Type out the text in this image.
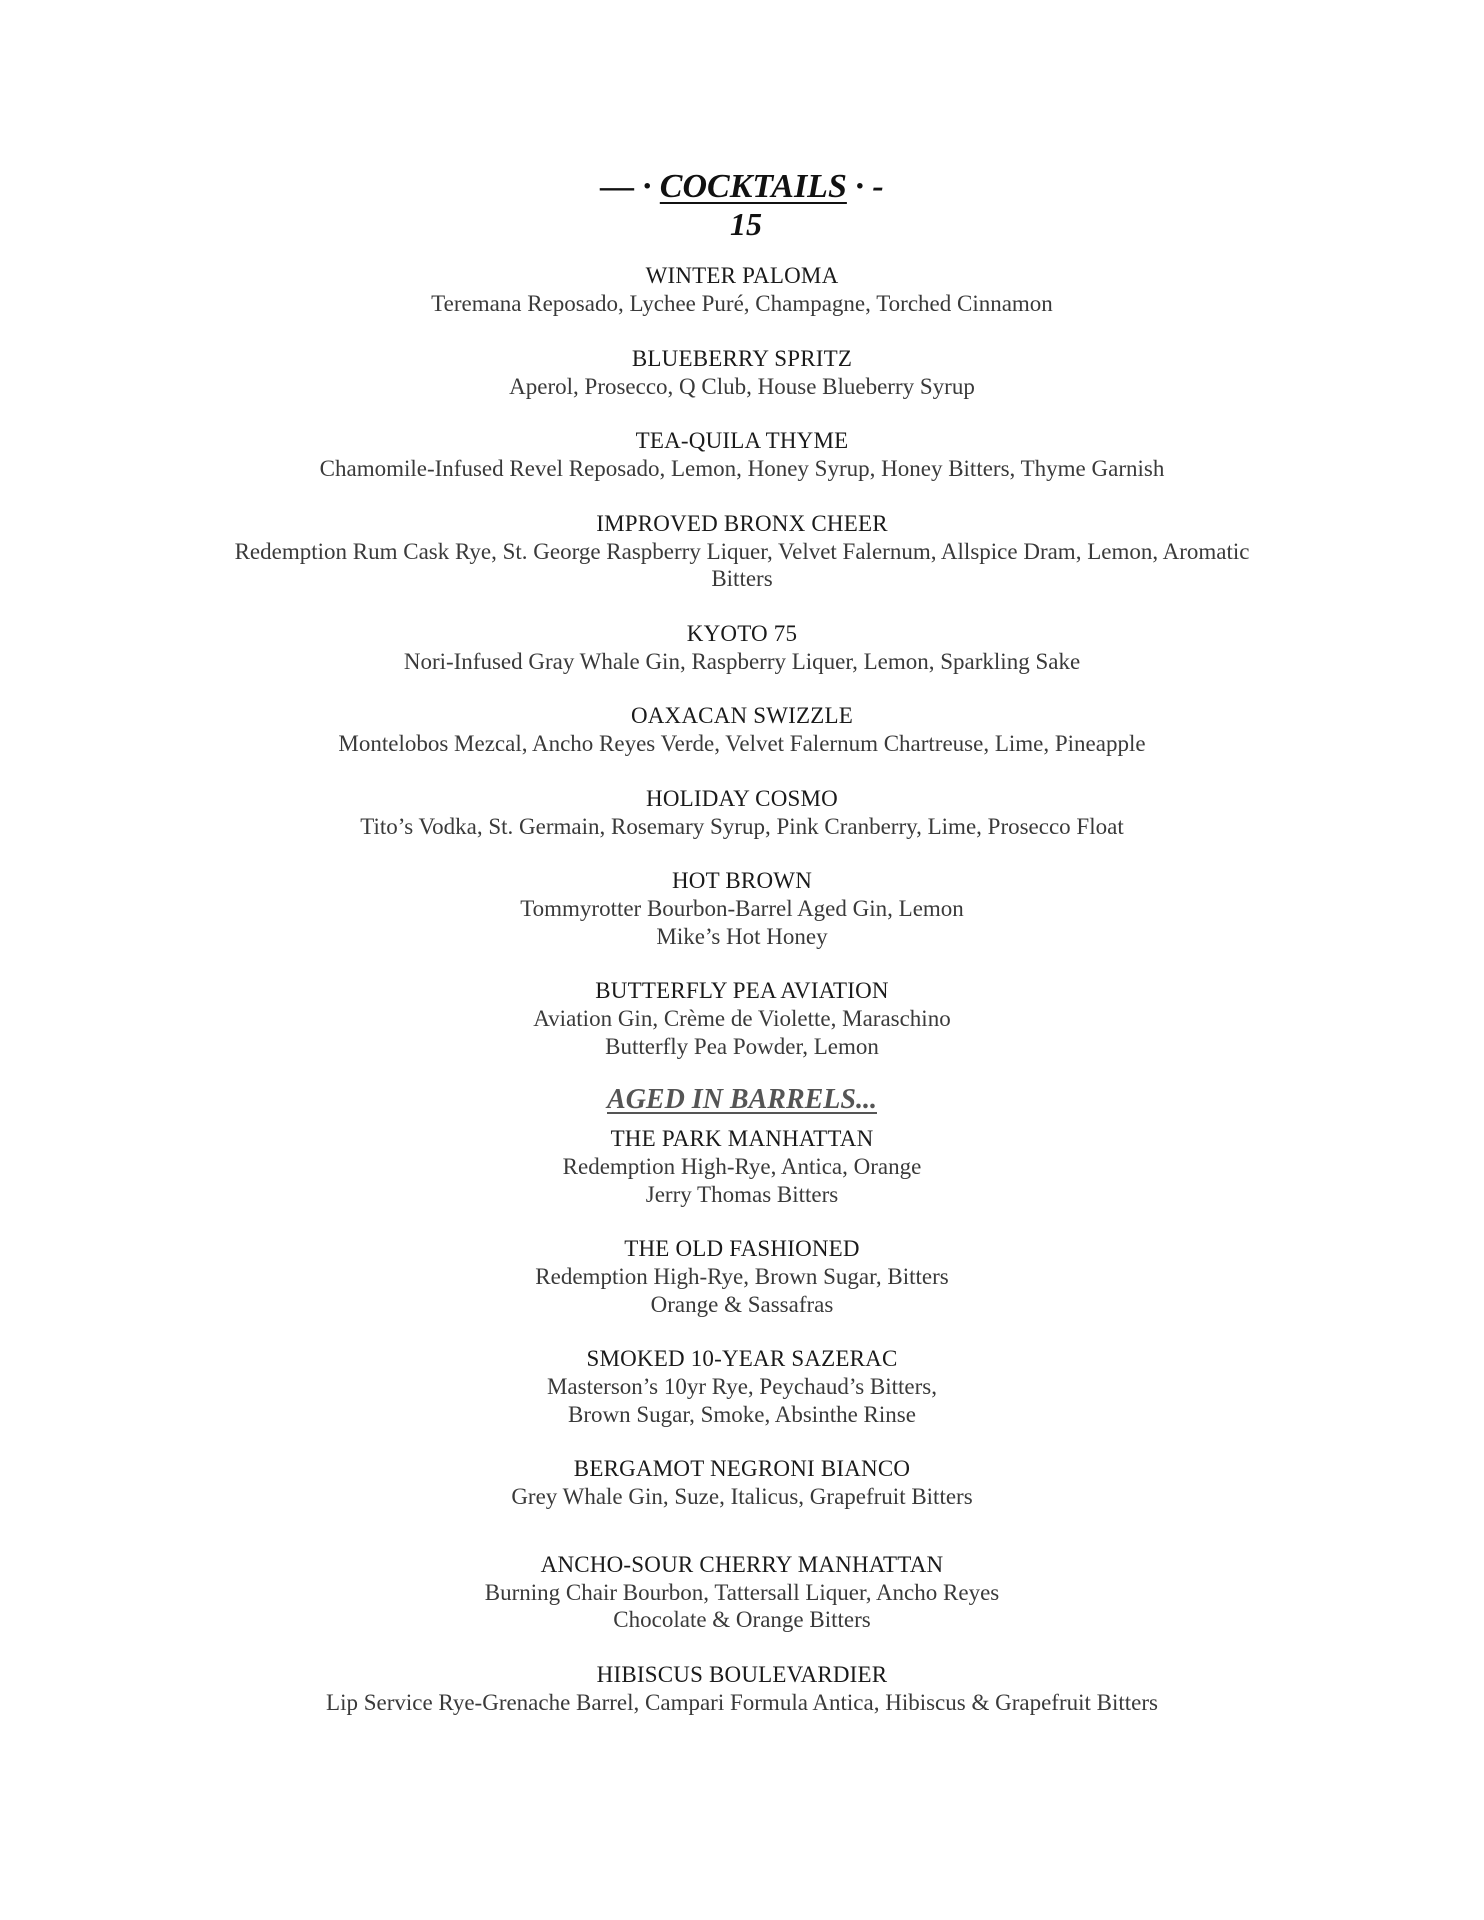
— · COCKTAILS · -
15
WINTER PALOMA
Teremana Reposado, Lychee Puré, Champagne, Torched Cinnamon
BLUEBERRY SPRITZ
Aperol, Prosecco, Q Club, House Blueberry Syrup
TEA-QUILA THYME
Chamomile-Infused Revel Reposado, Lemon, Honey Syrup, Honey Bitters, Thyme Garnish
IMPROVED BRONX CHEER
Redemption Rum Cask Rye, St. George Raspberry Liquer, Velvet Falernum, Allspice Dram, Lemon, Aromatic
Bitters
KYOTO 75
Nori-Infused Gray Whale Gin, Raspberry Liquer, Lemon, Sparkling Sake
OAXACAN SWIZZLE
Montelobos Mezcal, Ancho Reyes Verde, Velvet Falernum Chartreuse, Lime, Pineapple
HOLIDAY COSMO
Tito’s Vodka, St. Germain, Rosemary Syrup, Pink Cranberry, Lime, Prosecco Float
HOT BROWN
Tommyrotter Bourbon-Barrel Aged Gin, Lemon
Mike’s Hot Honey
BUTTERFLY PEA AVIATION
Aviation Gin, Crème de Violette, Maraschino
Butterfly Pea Powder, Lemon
AGED IN BARRELS...
THE PARK MANHATTAN
Redemption High-Rye, Antica, Orange
Jerry Thomas Bitters
THE OLD FASHIONED
Redemption High-Rye, Brown Sugar, Bitters
Orange & Sassafras
SMOKED 10-YEAR SAZERAC
Masterson’s 10yr Rye, Peychaud’s Bitters,
Brown Sugar, Smoke, Absinthe Rinse
BERGAMOT NEGRONI BIANCO
Grey Whale Gin, Suze, Italicus, Grapefruit Bitters
ANCHO-SOUR CHERRY MANHATTAN
Burning Chair Bourbon, Tattersall Liquer, Ancho Reyes
Chocolate & Orange Bitters
HIBISCUS BOULEVARDIER
Lip Service Rye-Grenache Barrel, Campari Formula Antica, Hibiscus & Grapefruit Bitters
